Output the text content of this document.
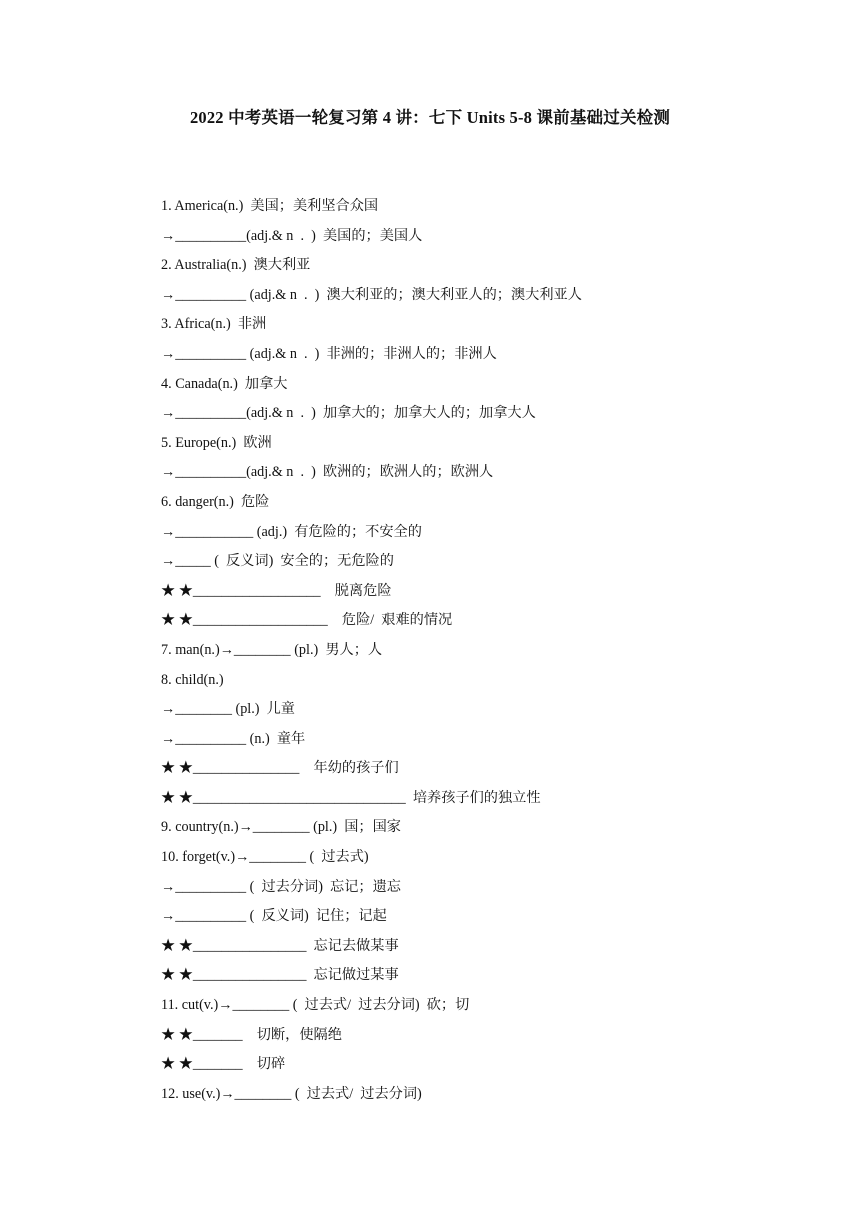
2022 中考英语一轮复习第 4 讲：七下 Units 5-8 课前基础过关检测
1. America(n.)  美国；美利坚合众国
→__________(adj.& n  .  )  美国的；美国人
2. Australia(n.)  澳大利亚
→__________ (adj.& n  .  )  澳大利亚的；澳大利亚人的；澳大利亚人
3. Africa(n.)  非洲
→__________ (adj.& n  .  )  非洲的；非洲人的；非洲人
4. Canada(n.)  加拿大
→__________(adj.& n  .  )  加拿大的；加拿大人的；加拿大人
5. Europe(n.)  欧洲
→__________(adj.& n  .  )  欧洲的；欧洲人的；欧洲人
6. danger(n.)  危险
→___________ (adj.)  有危险的；不安全的
→_____ (  反义词)  安全的；无危险的
★ ★__________________    脱离危险
★ ★___________________    危险/  艰难的情况
7. man(n.)→________ (pl.)  男人；人
8. child(n.)
→________ (pl.)  儿童
→__________ (n.)  童年
★ ★_______________    年幼的孩子们
★ ★______________________________  培养孩子们的独立性
9. country(n.)→________ (pl.)  国；国家
10. forget(v.)→________ (  过去式)
→__________ (  过去分词)  忘记；遗忘
→__________ (  反义词)  记住；记起
★ ★________________  忘记去做某事
★ ★________________  忘记做过某事
11. cut(v.)→________ (  过去式/  过去分词)  砍；切
★ ★_______    切断，使隔绝
★ ★_______    切碎
12. use(v.)→________ (  过去式/  过去分词)
